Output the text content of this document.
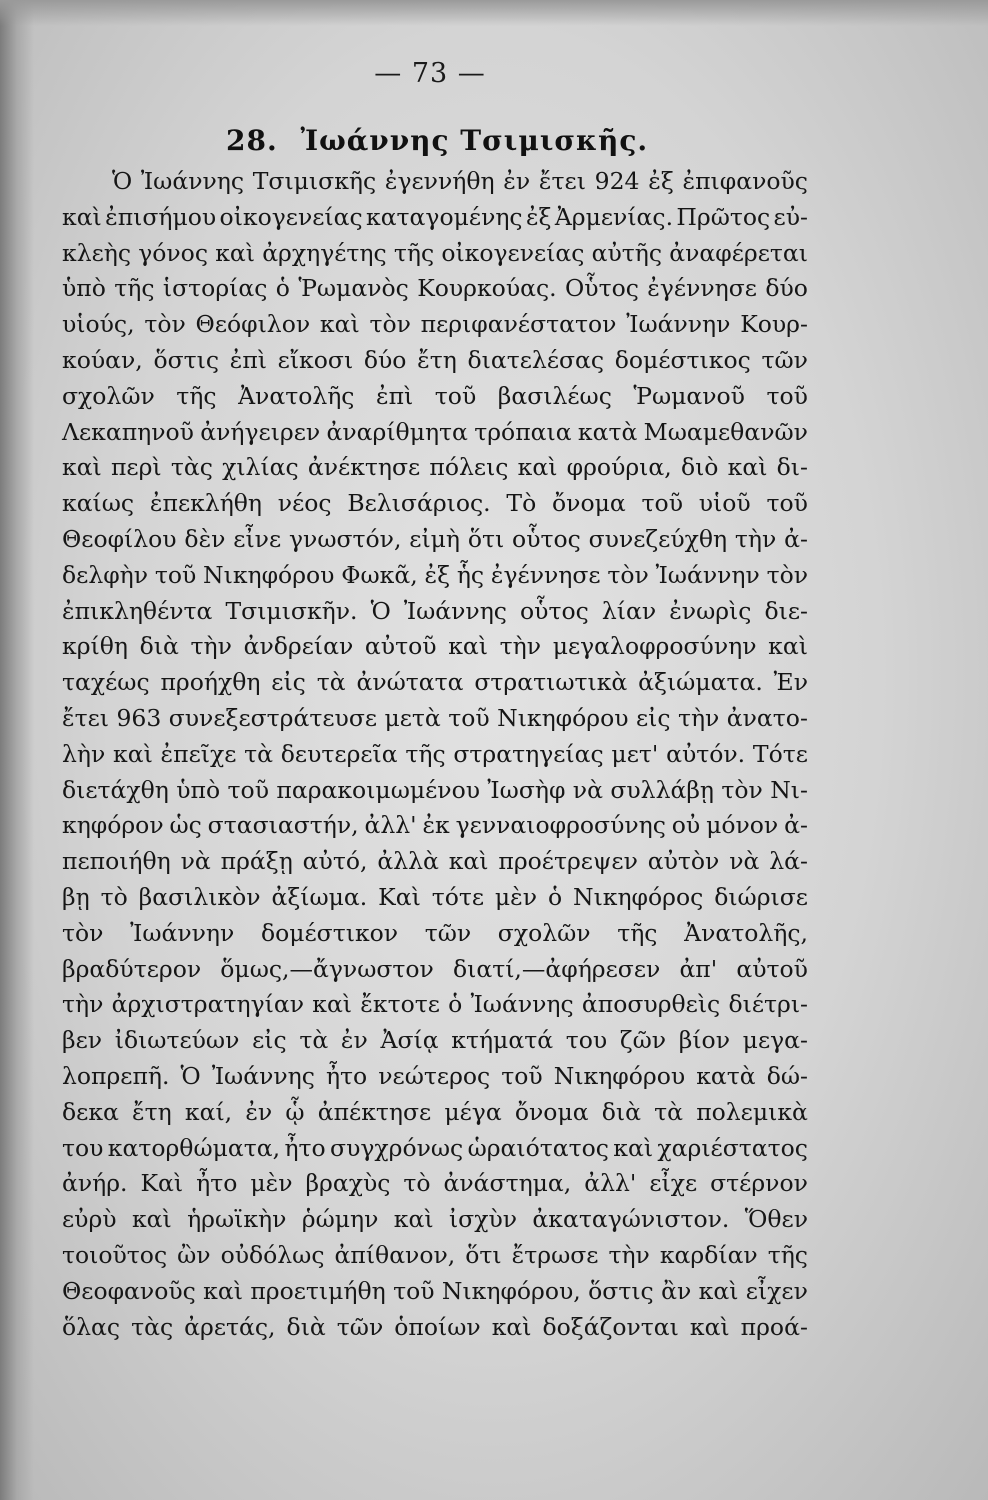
— 73 —
28. Ἰωάννης Τσιμισκῆς.
Ὁ Ἰωάννης Τσιμισκῆς ἐγεννήθη ἐν ἔτει 924 ἐξ ἐπιφανοῦς
καὶ ἐπισήμου οἰκογενείας καταγομένης ἐξ Ἀρμενίας. Πρῶτος εὐ-
κλεὴς γόνος καὶ ἀρχηγέτης τῆς οἰκογενείας αὐτῆς ἀναφέρεται
ὑπὸ τῆς ἱστορίας ὁ Ῥωμανὸς Κουρκούας. Οὗτος ἐγέννησε δύο
υἱούς, τὸν Θεόφιλον καὶ τὸν περιφανέστατον Ἰωάννην Κουρ-
κούαν, ὅστις ἐπὶ εἴκοσι δύο ἔτη διατελέσας δομέστικος τῶν
σχολῶν τῆς Ἀνατολῆς ἐπὶ τοῦ βασιλέως Ῥωμανοῦ τοῦ
Λεκαπηνοῦ ἀνήγειρεν ἀναρίθμητα τρόπαια κατὰ Μωαμεθανῶν
καὶ περὶ τὰς χιλίας ἀνέκτησε πόλεις καὶ φρούρια, διὸ καὶ δι-
καίως ἐπεκλήθη νέος Βελισάριος. Τὸ ὄνομα τοῦ υἱοῦ τοῦ
Θεοφίλου δὲν εἶνε γνωστόν, εἰμὴ ὅτι οὗτος συνεζεύχθη τὴν ἀ-
δελφὴν τοῦ Νικηφόρου Φωκᾶ, ἐξ ἧς ἐγέννησε τὸν Ἰωάννην τὸν
ἐπικληθέντα Τσιμισκῆν. Ὁ Ἰωάννης οὗτος λίαν ἐνωρὶς διε-
κρίθη διὰ τὴν ἀνδρείαν αὐτοῦ καὶ τὴν μεγαλοφροσύνην καὶ
ταχέως προήχθη εἰς τὰ ἀνώτατα στρατιωτικὰ ἀξιώματα. Ἐν
ἔτει 963 συνεξεστράτευσε μετὰ τοῦ Νικηφόρου εἰς τὴν ἀνατο-
λὴν καὶ ἐπεῖχε τὰ δευτερεῖα τῆς στρατηγείας μετ' αὐτόν. Τότε
διετάχθη ὑπὸ τοῦ παρακοιμωμένου Ἰωσὴφ νὰ συλλάβῃ τὸν Νι-
κηφόρον ὡς στασιαστήν, ἀλλ' ἐκ γενναιοφροσύνης οὐ μόνον ἀ-
πεποιήθη νὰ πράξῃ αὐτό, ἀλλὰ καὶ προέτρεψεν αὐτὸν νὰ λά-
βῃ τὸ βασιλικὸν ἀξίωμα. Καὶ τότε μὲν ὁ Νικηφόρος διώρισε
τὸν Ἰωάννην δομέστικον τῶν σχολῶν τῆς Ἀνατολῆς,
βραδύτερον ὅμως,—ἄγνωστον διατί,—ἀφήρεσεν ἀπ' αὐτοῦ
τὴν ἀρχιστρατηγίαν καὶ ἔκτοτε ὁ Ἰωάννης ἀποσυρθεὶς διέτρι-
βεν ἰδιωτεύων εἰς τὰ ἐν Ἀσίᾳ κτήματά του ζῶν βίον μεγα-
λοπρεπῆ. Ὁ Ἰωάννης ἦτο νεώτερος τοῦ Νικηφόρου κατὰ δώ-
δεκα ἔτη καί, ἐν ᾧ ἀπέκτησε μέγα ὄνομα διὰ τὰ πολεμικὰ
του κατορθώματα, ἦτο συγχρόνως ὡραιότατος καὶ χαριέστατος
ἀνήρ. Καὶ ἦτο μὲν βραχὺς τὸ ἀνάστημα, ἀλλ' εἶχε στέρνον
εὐρὺ καὶ ἡρωϊκὴν ῥώμην καὶ ἰσχὺν ἀκαταγώνιστον. Ὅθεν
τοιοῦτος ὢν οὐδόλως ἀπίθανον, ὅτι ἔτρωσε τὴν καρδίαν τῆς
Θεοφανοῦς καὶ προετιμήθη τοῦ Νικηφόρου, ὅστις ἂν καὶ εἶχεν
ὅλας τὰς ἀρετάς, διὰ τῶν ὁποίων καὶ δοξάζονται καὶ προά-
